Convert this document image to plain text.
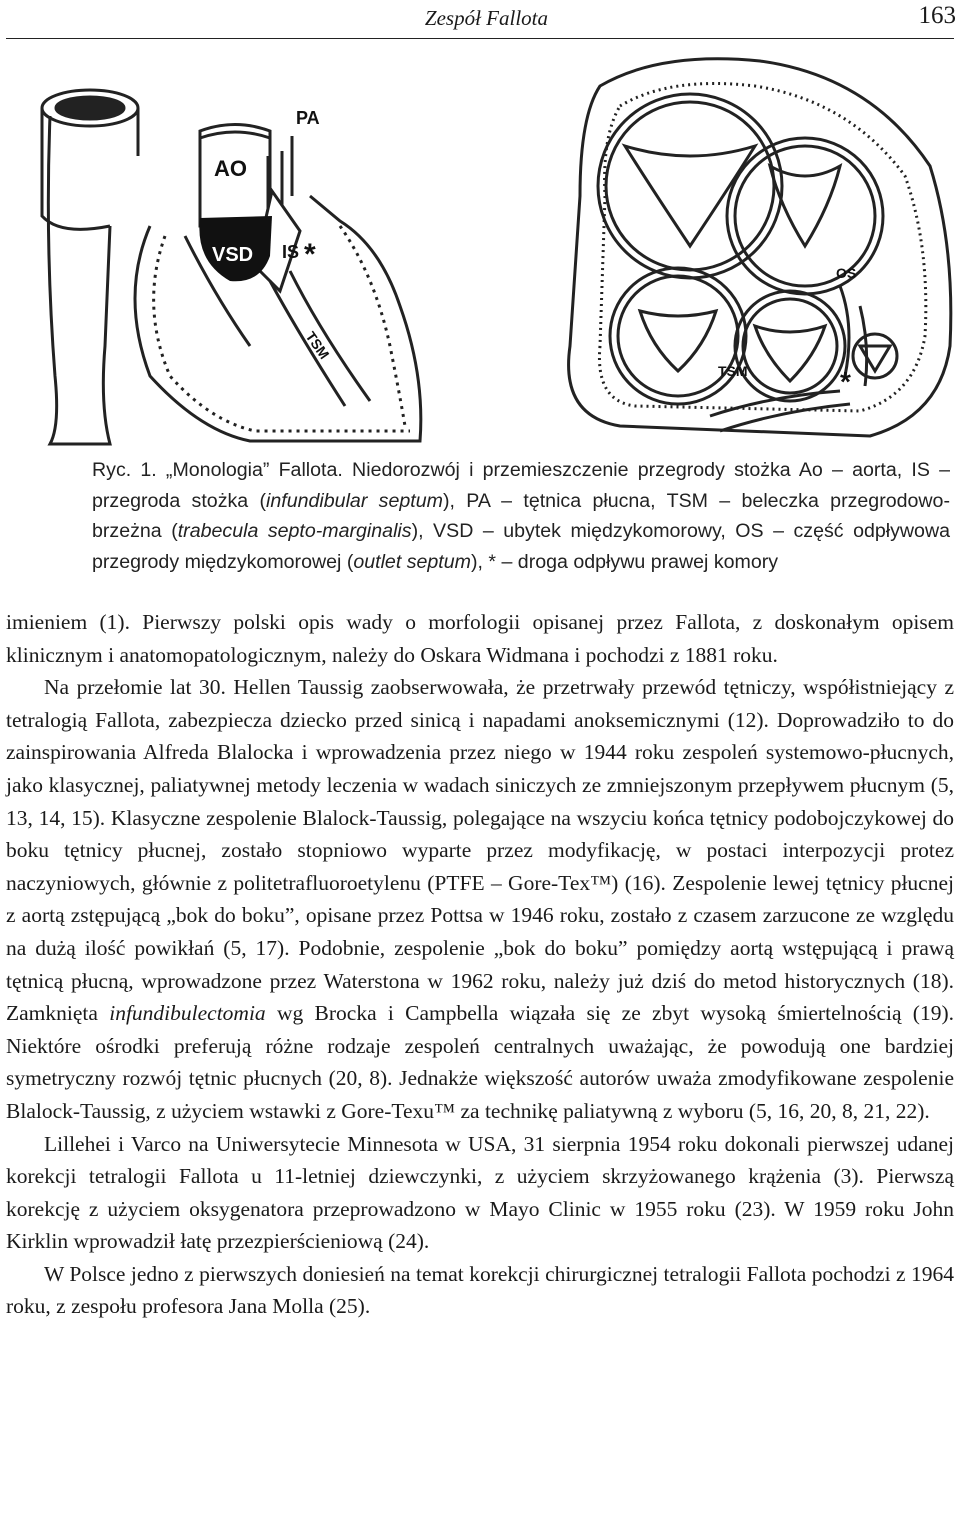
Zespół Fallota	163
AO
PA
VSD IS
TSM
*
OS
TSM	*

Ryc. 1. „Monologia” Fallota. Niedorozwój i przemieszczenie przegrody stożka Ao – aorta, IS – przegroda stożka (infundibular septum), PA – tętnica płucna, TSM – beleczka przegrodowo-brzeżna (trabecula septo-marginalis), VSD – ubytek międzykomorowy, OS – część odpływowa przegrody międzykomorowej (outlet septum), * – droga odpływu prawej komory

imieniem (1). Pierwszy polski opis wady o morfologii opisanej przez Fallota, z doskonałym opisem klinicznym i anatomopatologicznym, należy do Oskara Widmana i pochodzi z 1881 roku.

Na przełomie lat 30. Hellen Taussig zaobserwowała, że przetrwały przewód tętniczy, współistniejący z tetralogią Fallota, zabezpiecza dziecko przed sinicą i napadami anoksemicznymi (12). Doprowadziło to do zainspirowania Alfreda Blalocka i wprowadzenia przez niego w 1944 roku zespoleń systemowo-płucnych, jako klasycznej, paliatywnej metody leczenia w wadach siniczych ze zmniejszonym przepływem płucnym (5, 13, 14, 15). Klasyczne zespolenie Blalock-Taussig, polegające na wszyciu końca tętnicy podobojczykowej do boku tętnicy płucnej, zostało stopniowo wyparte przez modyfikację, w postaci interpozycji protez naczyniowych, głównie z politetrafluoroetylenu (PTFE – Gore-Tex™) (16). Zespolenie lewej tętnicy płucnej z aortą zstępującą „bok do boku”, opisane przez Pottsa w 1946 roku, zostało z czasem zarzucone ze względu na dużą ilość powikłań (5, 17). Podobnie, zespolenie „bok do boku” pomiędzy aortą wstępującą i prawą tętnicą płucną, wprowadzone przez Waterstona w 1962 roku, należy już dziś do metod historycznych (18). Zamknięta infundibulectomia wg Brocka i Campbella wiązała się ze zbyt wysoką śmiertelnością (19). Niektóre ośrodki preferują różne rodzaje zespoleń centralnych uważając, że powodują one bardziej symetryczny rozwój tętnic płucnych (20, 8). Jednakże większość autorów uważa zmodyfikowane zespolenie Blalock-Taussig, z użyciem wstawki z Gore-Texu™ za technikę paliatywną z wyboru (5, 16, 20, 8, 21, 22).

Lillehei i Varco na Uniwersytecie Minnesota w USA, 31 sierpnia 1954 roku dokonali pierwszej udanej korekcji tetralogii Fallota u 11-letniej dziewczynki, z użyciem skrzyżowanego krążenia (3). Pierwszą korekcję z użyciem oksygenatora przeprowadzono w Mayo Clinic w 1955 roku (23). W 1959 roku John Kirklin wprowadził łatę przezpierścieniową (24).

W Polsce jedno z pierwszych doniesień na temat korekcji chirurgicznej tetralogii Fallota pochodzi z 1964 roku, z zespołu profesora Jana Molla (25).
